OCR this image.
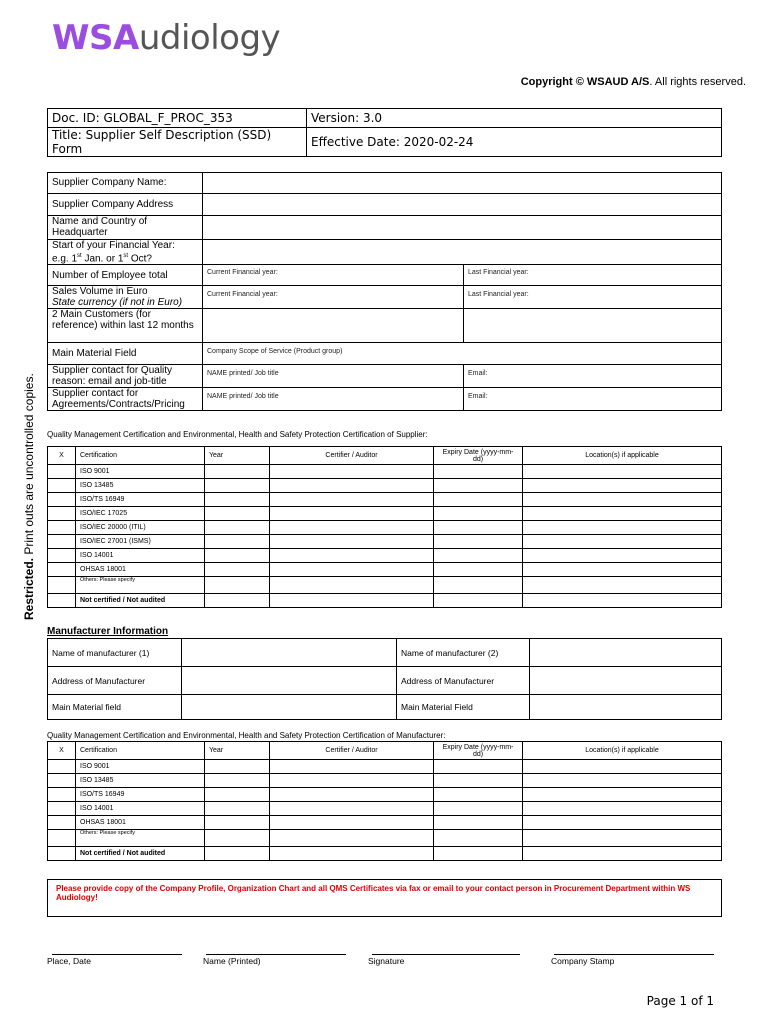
WSAudiology
Copyright © WSAUD A/S. All rights reserved.
Doc. ID: GLOBAL_F_PROC_353	Version: 3.0
Title: Supplier Self Description (SSD) Form	Effective Date: 2020-02-24
Supplier Company Name:		
Supplier Company Address		
Name and Country of Headquarter		
Start of your Financial Year:
e.g. 1st Jan. or 1st Oct?		
Number of Employee total	Current Financial year:	Last Financial year:
Sales Volume in Euro
State currency (if not in Euro)	Current Financial year:	Last Financial year:
2 Main Customers (for reference) within last 12 months		
Main Material Field	Company Scope of Service (Product group)	
Supplier contact for Quality reason: email and job-title	NAME printed/ Job title	Email:
Supplier contact for Agreements/Contracts/Pricing	NAME printed/ Job title	Email:
Restricted. Print outs are uncontrolled copies. Quality Management Certification and Environmental, Health and Safety Protection Certification of Supplier:
X	Certification	Year	Certifier / Auditor	Expiry Date (yyyy-mm-dd)	Location(s) if applicable
	ISO 9001				
	ISO 13485				
	ISO/TS 16949				
	ISO/IEC 17025				
	ISO/IEC 20000 (ITIL)				
	ISO/IEC 27001 (ISMS)				
	ISO 14001				
	OHSAS 18001				
	Others: Please specify				
	Not certified / Not audited				
Manufacturer Information
Name of manufacturer (1)		Name of manufacturer (2)	
Address of Manufacturer		Address of Manufacturer	
Main Material field		Main Material Field	
Quality Management Certification and Environmental, Health and Safety Protection Certification of Manufacturer:
X	Certification	Year	Certifier / Auditor	Expiry Date (yyyy-mm-dd)	Location(s) if applicable
	ISO 9001				
	ISO 13485				
	ISO/TS 16949				
	ISO 14001				
	OHSAS 18001				
	Others: Please specify				
	Not certified / Not audited				
Please provide copy of the Company Profile, Organization Chart and all QMS Certificates via fax or email to your contact person in Procurement Department within WS Audiology!
Place, Date	Name (Printed)	Signature	Company Stamp
Page 1 of 1
